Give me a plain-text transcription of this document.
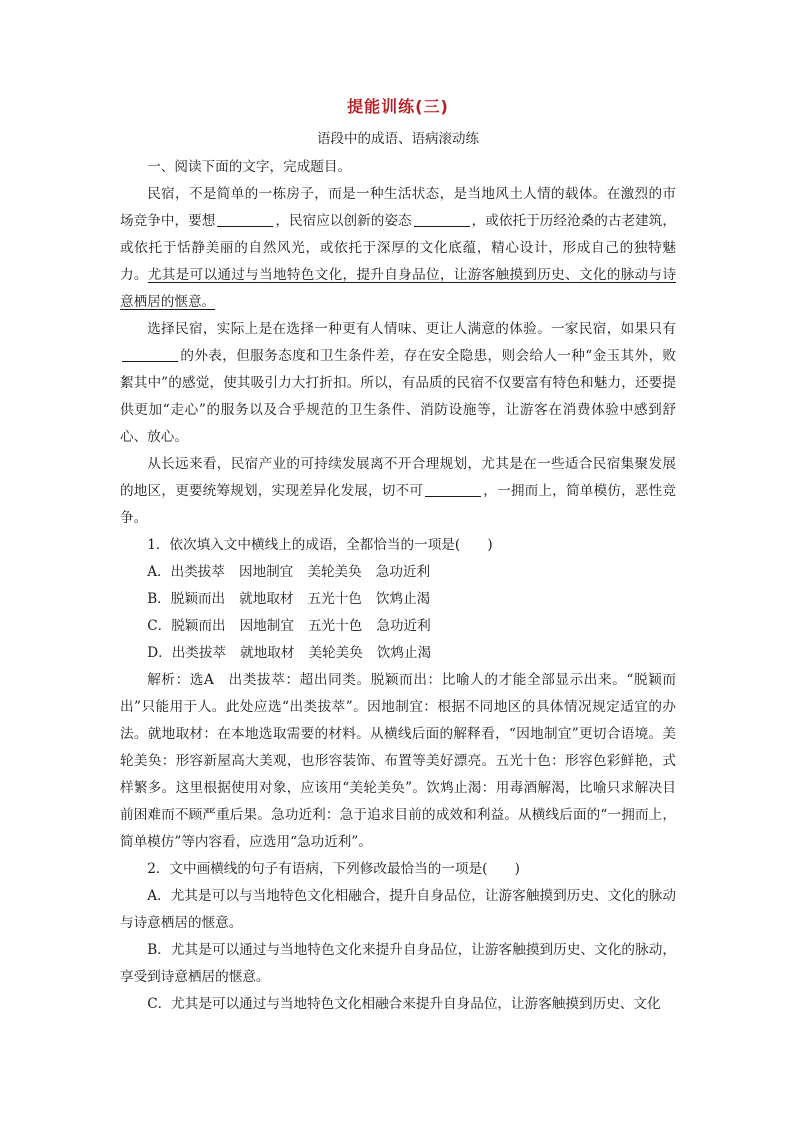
提能训练(三)
语段中的成语、语病滚动练

一、阅读下面的文字，完成题目。

民宿，不是简单的一栋房子，而是一种生活状态，是当地风土人情的载体。在激烈的市场竞争中，要想	，民宿应以创新的姿态	，或依托于历经沧桑的古老建筑，或依托于恬静美丽的自然风光，或依托于深厚的文化底蕴，精心设计，形成自己的独特魅力。尤其是可以通过与当地特色文化，提升自身品位，让游客触摸到历史、文化的脉动与诗意栖居的惬意。

选择民宿，实际上是在选择一种更有人情味、更让人满意的体验。一家民宿，如果只有的外表，但服务态度和卫生条件差，存在安全隐患，则会给人一种“金玉其外，败絮其中”的感觉，使其吸引力大打折扣。所以，有品质的民宿不仅要富有特色和魅力，还要提供更加“走心”的服务以及合乎规范的卫生条件、消防设施等，让游客在消费体验中感到舒心、放心。

从长远来看，民宿产业的可持续发展离不开合理规划，尤其是在一些适合民宿集聚发展的地区，更要统筹规划，实现差异化发展，切不可	，一拥而上，简单模仿，恶性竞争。

1．依次填入文中横线上的成语，全都恰当的一项是(　　)

A．出类拔萃 因地制宜 美轮美奂 急功近利

B．脱颖而出 就地取材 五光十色 饮鸩止渴

C．脱颖而出 因地制宜 五光十色 急功近利

D．出类拔萃 就地取材 美轮美奂 饮鸩止渴

解析：选A　出类拔萃：超出同类。脱颖而出：比喻人的才能全部显示出来。“脱颖而出”只能用于人。此处应选“出类拔萃”。因地制宜：根据不同地区的具体情况规定适宜的办法。就地取材：在本地选取需要的材料。从横线后面的解释看，“因地制宜”更切合语境。美轮美奂：形容新屋高大美观，也形容装饰、布置等美好漂亮。五光十色：形容色彩鲜艳，式样繁多。这里根据使用对象，应该用“美轮美奂”。饮鸩止渴：用毒酒解渴，比喻只求解决目前困难而不顾严重后果。急功近利：急于追求目前的成效和利益。从横线后面的“一拥而上，简单模仿”等内容看，应选用“急功近利”。

2．文中画横线的句子有语病，下列修改最恰当的一项是(　　)

A．尤其是可以与当地特色文化相融合，提升自身品位，让游客触摸到历史、文化的脉动与诗意栖居的惬意。

B．尤其是可以通过与当地特色文化来提升自身品位，让游客触摸到历史、文化的脉动，享受到诗意栖居的惬意。

C．尤其是可以通过与当地特色文化相融合来提升自身品位，让游客触摸到历史、文化
